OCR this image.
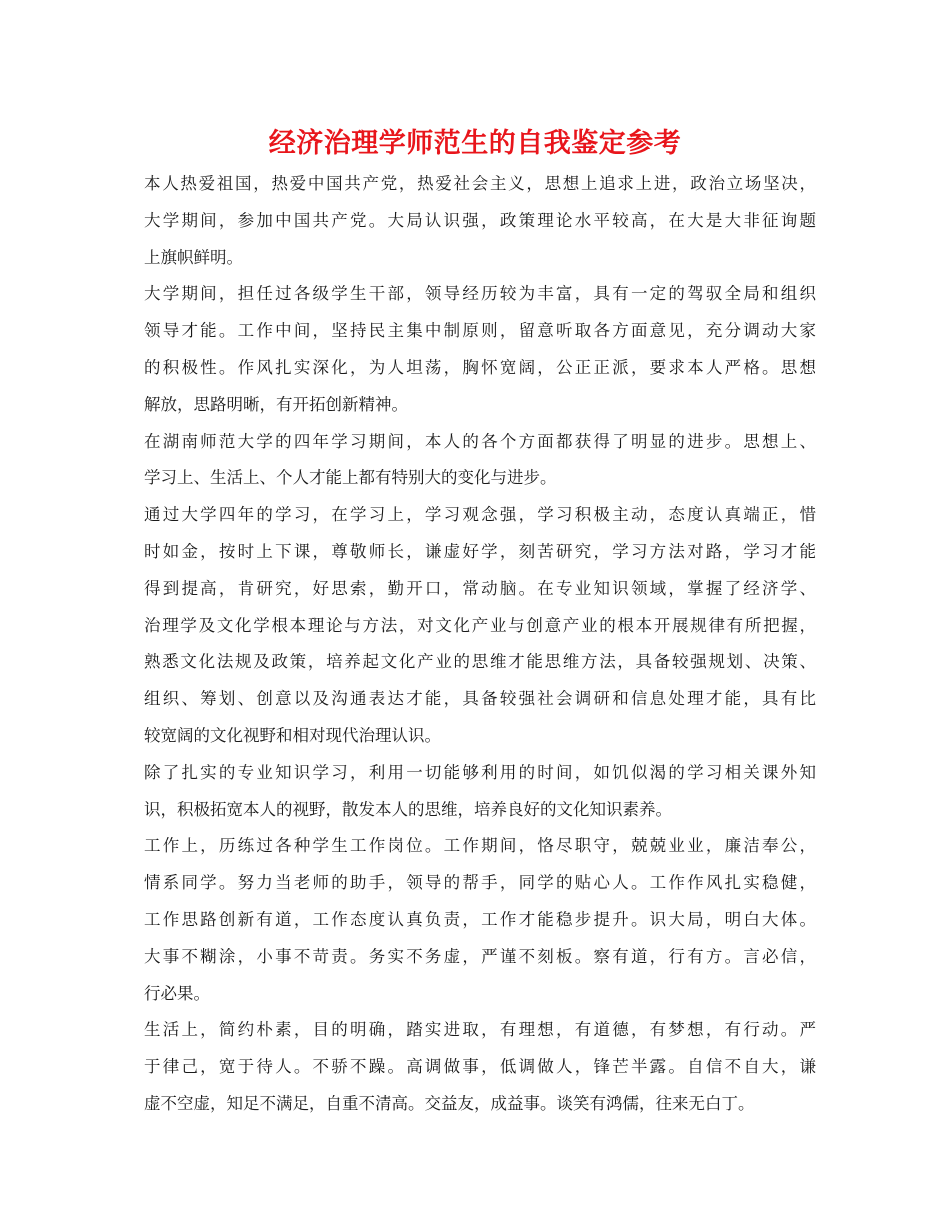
经济治理学师范生的自我鉴定参考
本人热爱祖国，热爱中国共产党，热爱社会主义，思想上追求上进，政治立场坚决，
大学期间，参加中国共产党。大局认识强，政策理论水平较高，在大是大非征询题
上旗帜鲜明。
大学期间，担任过各级学生干部，领导经历较为丰富，具有一定的驾驭全局和组织
领导才能。工作中间，坚持民主集中制原则，留意听取各方面意见，充分调动大家
的积极性。作风扎实深化，为人坦荡，胸怀宽阔，公正正派，要求本人严格。思想
解放，思路明晰，有开拓创新精神。
在湖南师范大学的四年学习期间，本人的各个方面都获得了明显的进步。思想上、
学习上、生活上、个人才能上都有特别大的变化与进步。
通过大学四年的学习，在学习上，学习观念强，学习积极主动，态度认真端正，惜
时如金，按时上下课，尊敬师长，谦虚好学，刻苦研究，学习方法对路，学习才能
得到提高，肯研究，好思索，勤开口，常动脑。在专业知识领域，掌握了经济学、
治理学及文化学根本理论与方法，对文化产业与创意产业的根本开展规律有所把握，
熟悉文化法规及政策，培养起文化产业的思维才能思维方法，具备较强规划、决策、
组织、筹划、创意以及沟通表达才能，具备较强社会调研和信息处理才能，具有比
较宽阔的文化视野和相对现代治理认识。
除了扎实的专业知识学习，利用一切能够利用的时间，如饥似渴的学习相关课外知
识，积极拓宽本人的视野，散发本人的思维，培养良好的文化知识素养。
工作上，历练过各种学生工作岗位。工作期间，恪尽职守，兢兢业业，廉洁奉公，
情系同学。努力当老师的助手，领导的帮手，同学的贴心人。工作作风扎实稳健，
工作思路创新有道，工作态度认真负责，工作才能稳步提升。识大局，明白大体。
大事不糊涂，小事不苛责。务实不务虚，严谨不刻板。察有道，行有方。言必信，
行必果。
生活上，简约朴素，目的明确，踏实进取，有理想，有道德，有梦想，有行动。严
于律己，宽于待人。不骄不躁。高调做事，低调做人，锋芒半露。自信不自大，谦
虚不空虚，知足不满足，自重不清高。交益友，成益事。谈笑有鸿儒，往来无白丁。
